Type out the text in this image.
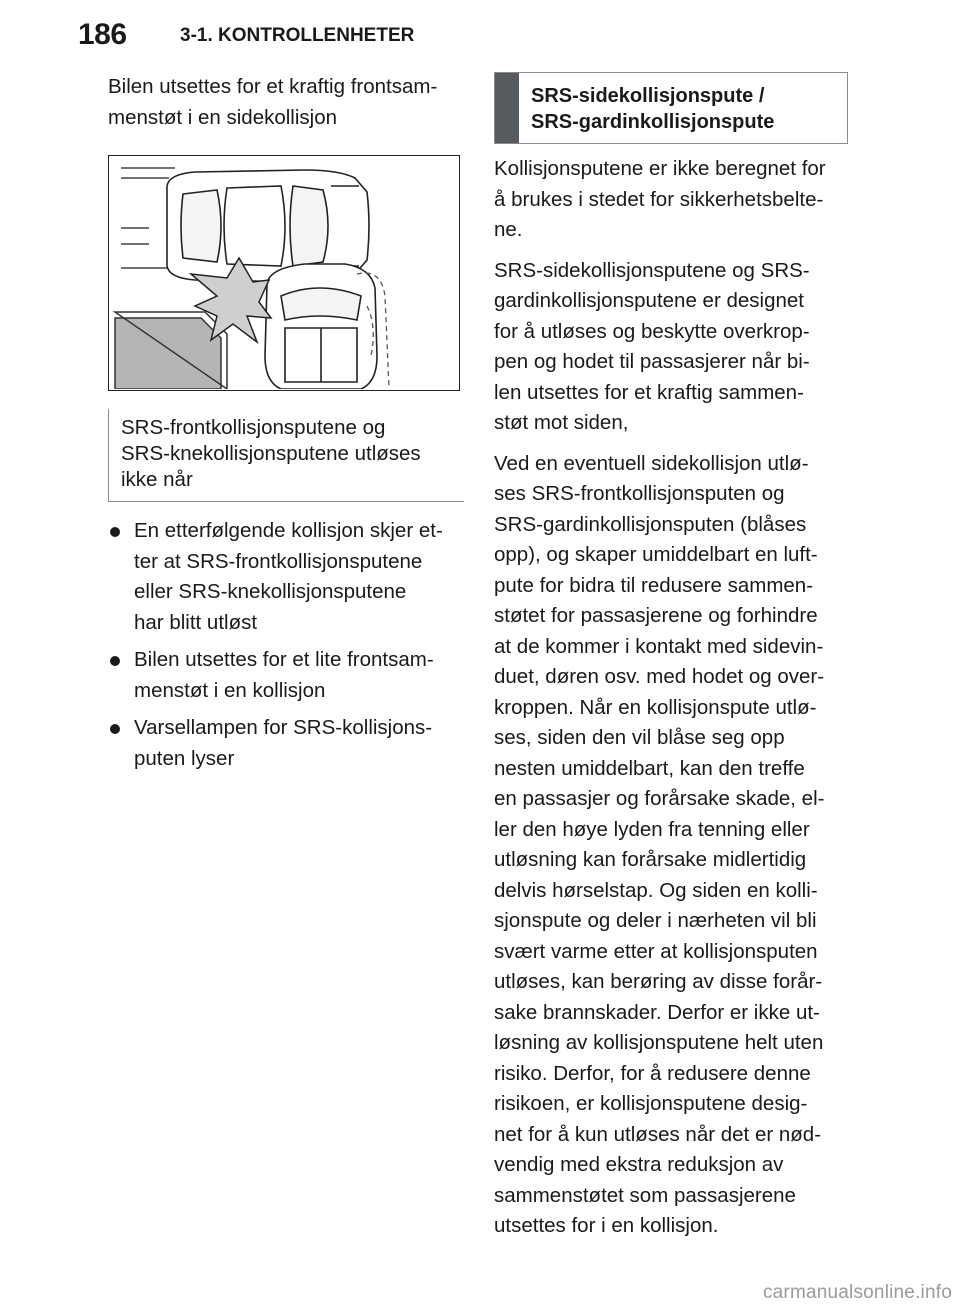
186	3-1. KONTROLLENHETER

Bilen utsettes for et kraftig frontsam-
menstøt i en sidekollisjon

SRS-frontkollisjonsputene og
SRS-knekollisjonsputene utløses
ikke når
En etterfølgende kollisjon skjer et-
ter at SRS-frontkollisjonsputene
eller SRS-knekollisjonsputene
har blitt utløst
Bilen utsettes for et lite frontsam-
menstøt i en kollisjon
Varsellampen for SRS-kollisjons-
puten lyser
SRS-sidekollisjonspute /
SRS-gardinkollisjonspute

Kollisjonsputene er ikke beregnet for
å brukes i stedet for sikkerhetsbelte-
ne.

SRS-sidekollisjonsputene og SRS-
gardinkollisjonsputene er designet
for å utløses og beskytte overkrop-
pen og hodet til passasjerer når bi-
len utsettes for et kraftig sammen-
støt mot siden,

Ved en eventuell sidekollisjon utlø-
ses SRS-frontkollisjonsputen og
SRS-gardinkollisjonsputen (blåses
opp), og skaper umiddelbart en luft-
pute for bidra til redusere sammen-
støtet for passasjerene og forhindre
at de kommer i kontakt med sidevin-
duet, døren osv. med hodet og over-
kroppen. Når en kollisjonspute utlø-
ses, siden den vil blåse seg opp
nesten umiddelbart, kan den treffe
en passasjer og forårsake skade, el-
ler den høye lyden fra tenning eller
utløsning kan forårsake midlertidig
delvis hørselstap. Og siden en kolli-
sjonspute og deler i nærheten vil bli
svært varme etter at kollisjonsputen
utløses, kan berøring av disse forår-
sake brannskader. Derfor er ikke ut-
løsning av kollisjonsputene helt uten
risiko. Derfor, for å redusere denne
risikoen, er kollisjonsputene desig-
net for å kun utløses når det er nød-
vendig med ekstra reduksjon av
sammenstøtet som passasjerene
utsettes for i en kollisjon.

carmanualsonline.info
